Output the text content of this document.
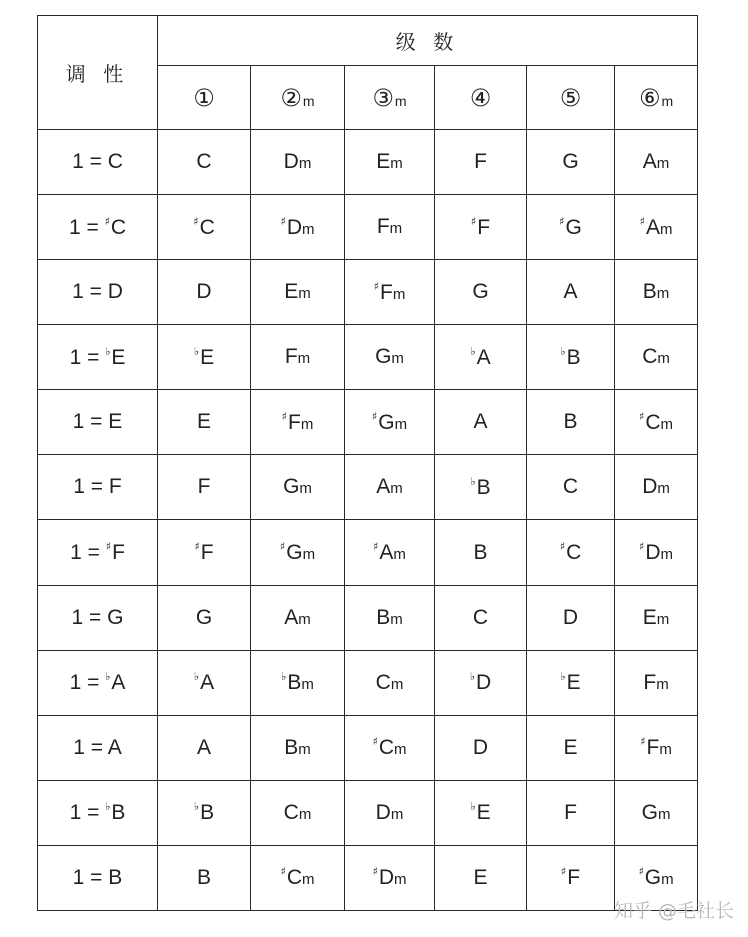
调 性	级 数					
	①	②m	③m	④	⑤	⑥m
1 = C	C	Dm	Em	F	G	Am
1 = ♯C	♯C	♯Dm	Fm	♯F	♯G	♯Am
1 = D	D	Em	♯Fm	G	A	Bm
1 = ♭E	♭E	Fm	Gm	♭A	♭B	Cm
1 = E	E	♯Fm	♯Gm	A	B	♯Cm
1 = F	F	Gm	Am	♭B	C	Dm
1 = ♯F	♯F	♯Gm	♯Am	B	♯C	♯Dm
1 = G	G	Am	Bm	C	D	Em
1 = ♭A	♭A	♭Bm	Cm	♭D	♭E	Fm
1 = A	A	Bm	♯Cm	D	E	♯Fm
1 = ♭B	♭B	Cm	Dm	♭E	F	Gm
1 = B	B	♯Cm	♯Dm	E	♯F	♯Gm
知乎 @毛社长
